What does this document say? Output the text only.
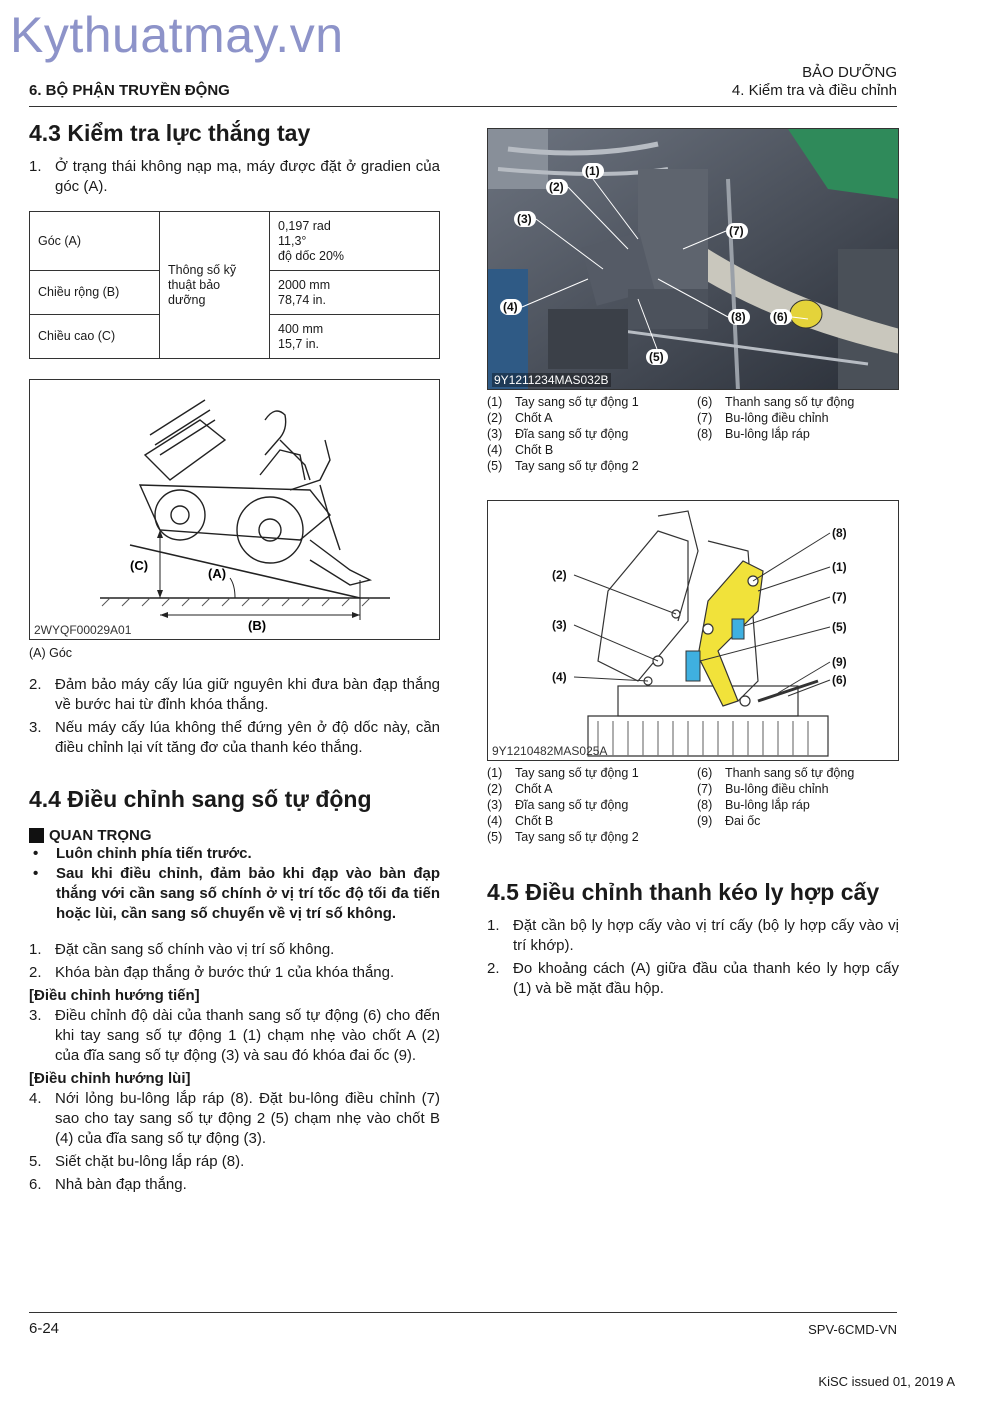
Kythuatmay.vn
BẢO DƯỠNG
4. Kiểm tra và điều chỉnh
6. BỘ PHẬN TRUYỀN ĐỘNG
4.3 Kiểm tra lực thắng tay
1. Ở trạng thái không nạp mạ, máy được đặt ở gradien của góc (A).
Góc (A)	Thông số kỹ thuật bảo dưỡng	0,197 rad
11,3°
độ dốc 20%

Chiều rộng (B)		2000 mm
78,74 in.

Chiều cao (C)		400 mm
15,7 in.
(C)
(A)
(B)
2WYQF00029A01
(A) Góc
2. Đảm bảo máy cấy lúa giữ nguyên khi đưa bàn đạp thắng về bước hai từ đỉnh khóa thắng.
3. Nếu máy cấy lúa không thể đứng yên ở độ dốc này, cần điều chỉnh lại vít tăng đơ của thanh kéo thắng.
4.4 Điều chỉnh sang số tự động
QUAN TRỌNG
•	Luôn chỉnh phía tiến trước.
•	Sau khi điều chỉnh, đảm bảo khi đạp vào bàn đạp thắng với cần sang số chính ở vị trí tốc độ tối đa tiến hoặc lùi, cần sang số chuyển về vị trí số không.
1. Đặt cần sang số chính vào vị trí số không.
2. Khóa bàn đạp thắng ở bước thứ 1 của khóa thắng.
[Điều chỉnh hướng tiến]
3. Điều chỉnh độ dài của thanh sang số tự động (6) cho đến khi tay sang số tự động 1 (1) chạm nhẹ vào chốt A (2) của đĩa sang số tự động (3) và sau đó khóa đai ốc (9).
[Điều chỉnh hướng lùi]
4. Nới lỏng bu-lông lắp ráp (8). Đặt bu-lông điều chỉnh (7) sao cho tay sang số tự động 2 (5) chạm nhẹ vào chốt B (4) của đĩa sang số tự động (3).
5. Siết chặt bu-lông lắp ráp (8).
6. Nhả bàn đạp thắng.
(1)
(2)
(3)
(4)
(5)
(6)
(7)
(8)
9Y1211234MAS032B
(1)	Tay sang số tự động 1
(2)	Chốt A
(3)	Đĩa sang số tự động
(4)	Chốt B
(5)	Tay sang số tự động 2
(6)	Thanh sang số tự động
(7)	Bu-lông điều chỉnh
(8)	Bu-lông lắp ráp
(2)
(3)
(4)
(8)
(1)
(7)
(5)
(9)
(6)
9Y1210482MAS025A
(1)	Tay sang số tự động 1
(2)	Chốt A
(3)	Đĩa sang số tự động
(4)	Chốt B
(5)	Tay sang số tự động 2
(6)	Thanh sang số tự động
(7)	Bu-lông điều chỉnh
(8)	Bu-lông lắp ráp
(9)	Đai ốc
4.5 Điều chỉnh thanh kéo ly hợp cấy
1. Đặt cần bộ ly hợp cấy vào vị trí cấy (bộ ly hợp cấy vào vị trí khớp).
2. Đo khoảng cách (A) giữa đầu của thanh kéo ly hợp cấy (1) và bề mặt đầu hộp.
6-24	SPV-6CMD-VN
KiSC issued 01, 2019 A
